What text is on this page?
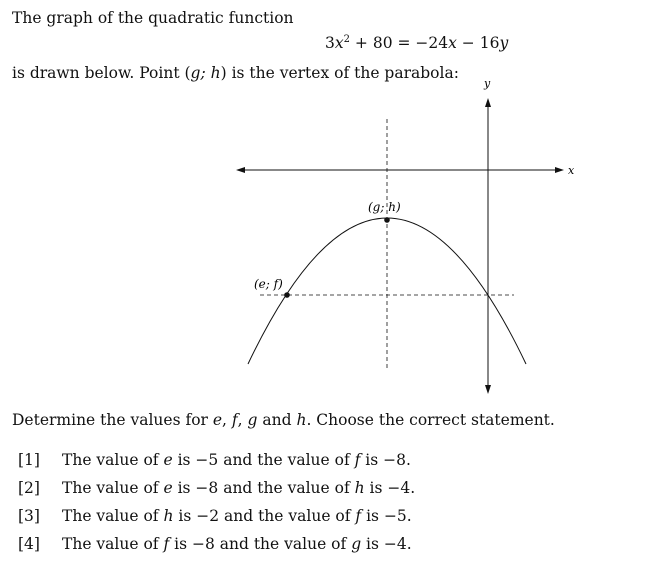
The graph of the quadratic function
$3x^2 + 80 = -24x - 16y$
is drawn below. Point (g; h) is the vertex of the parabola:
x
y
(g; h)
(e; f)
Determine the values for e, f, g and h. Choose the correct statement.
[1] The value of e is −5 and the value of f is −8.
[2] The value of e is −8 and the value of h is −4.
[3] The value of h is −2 and the value of f is −5.
[4] The value of f is −8 and the value of g is −4.
